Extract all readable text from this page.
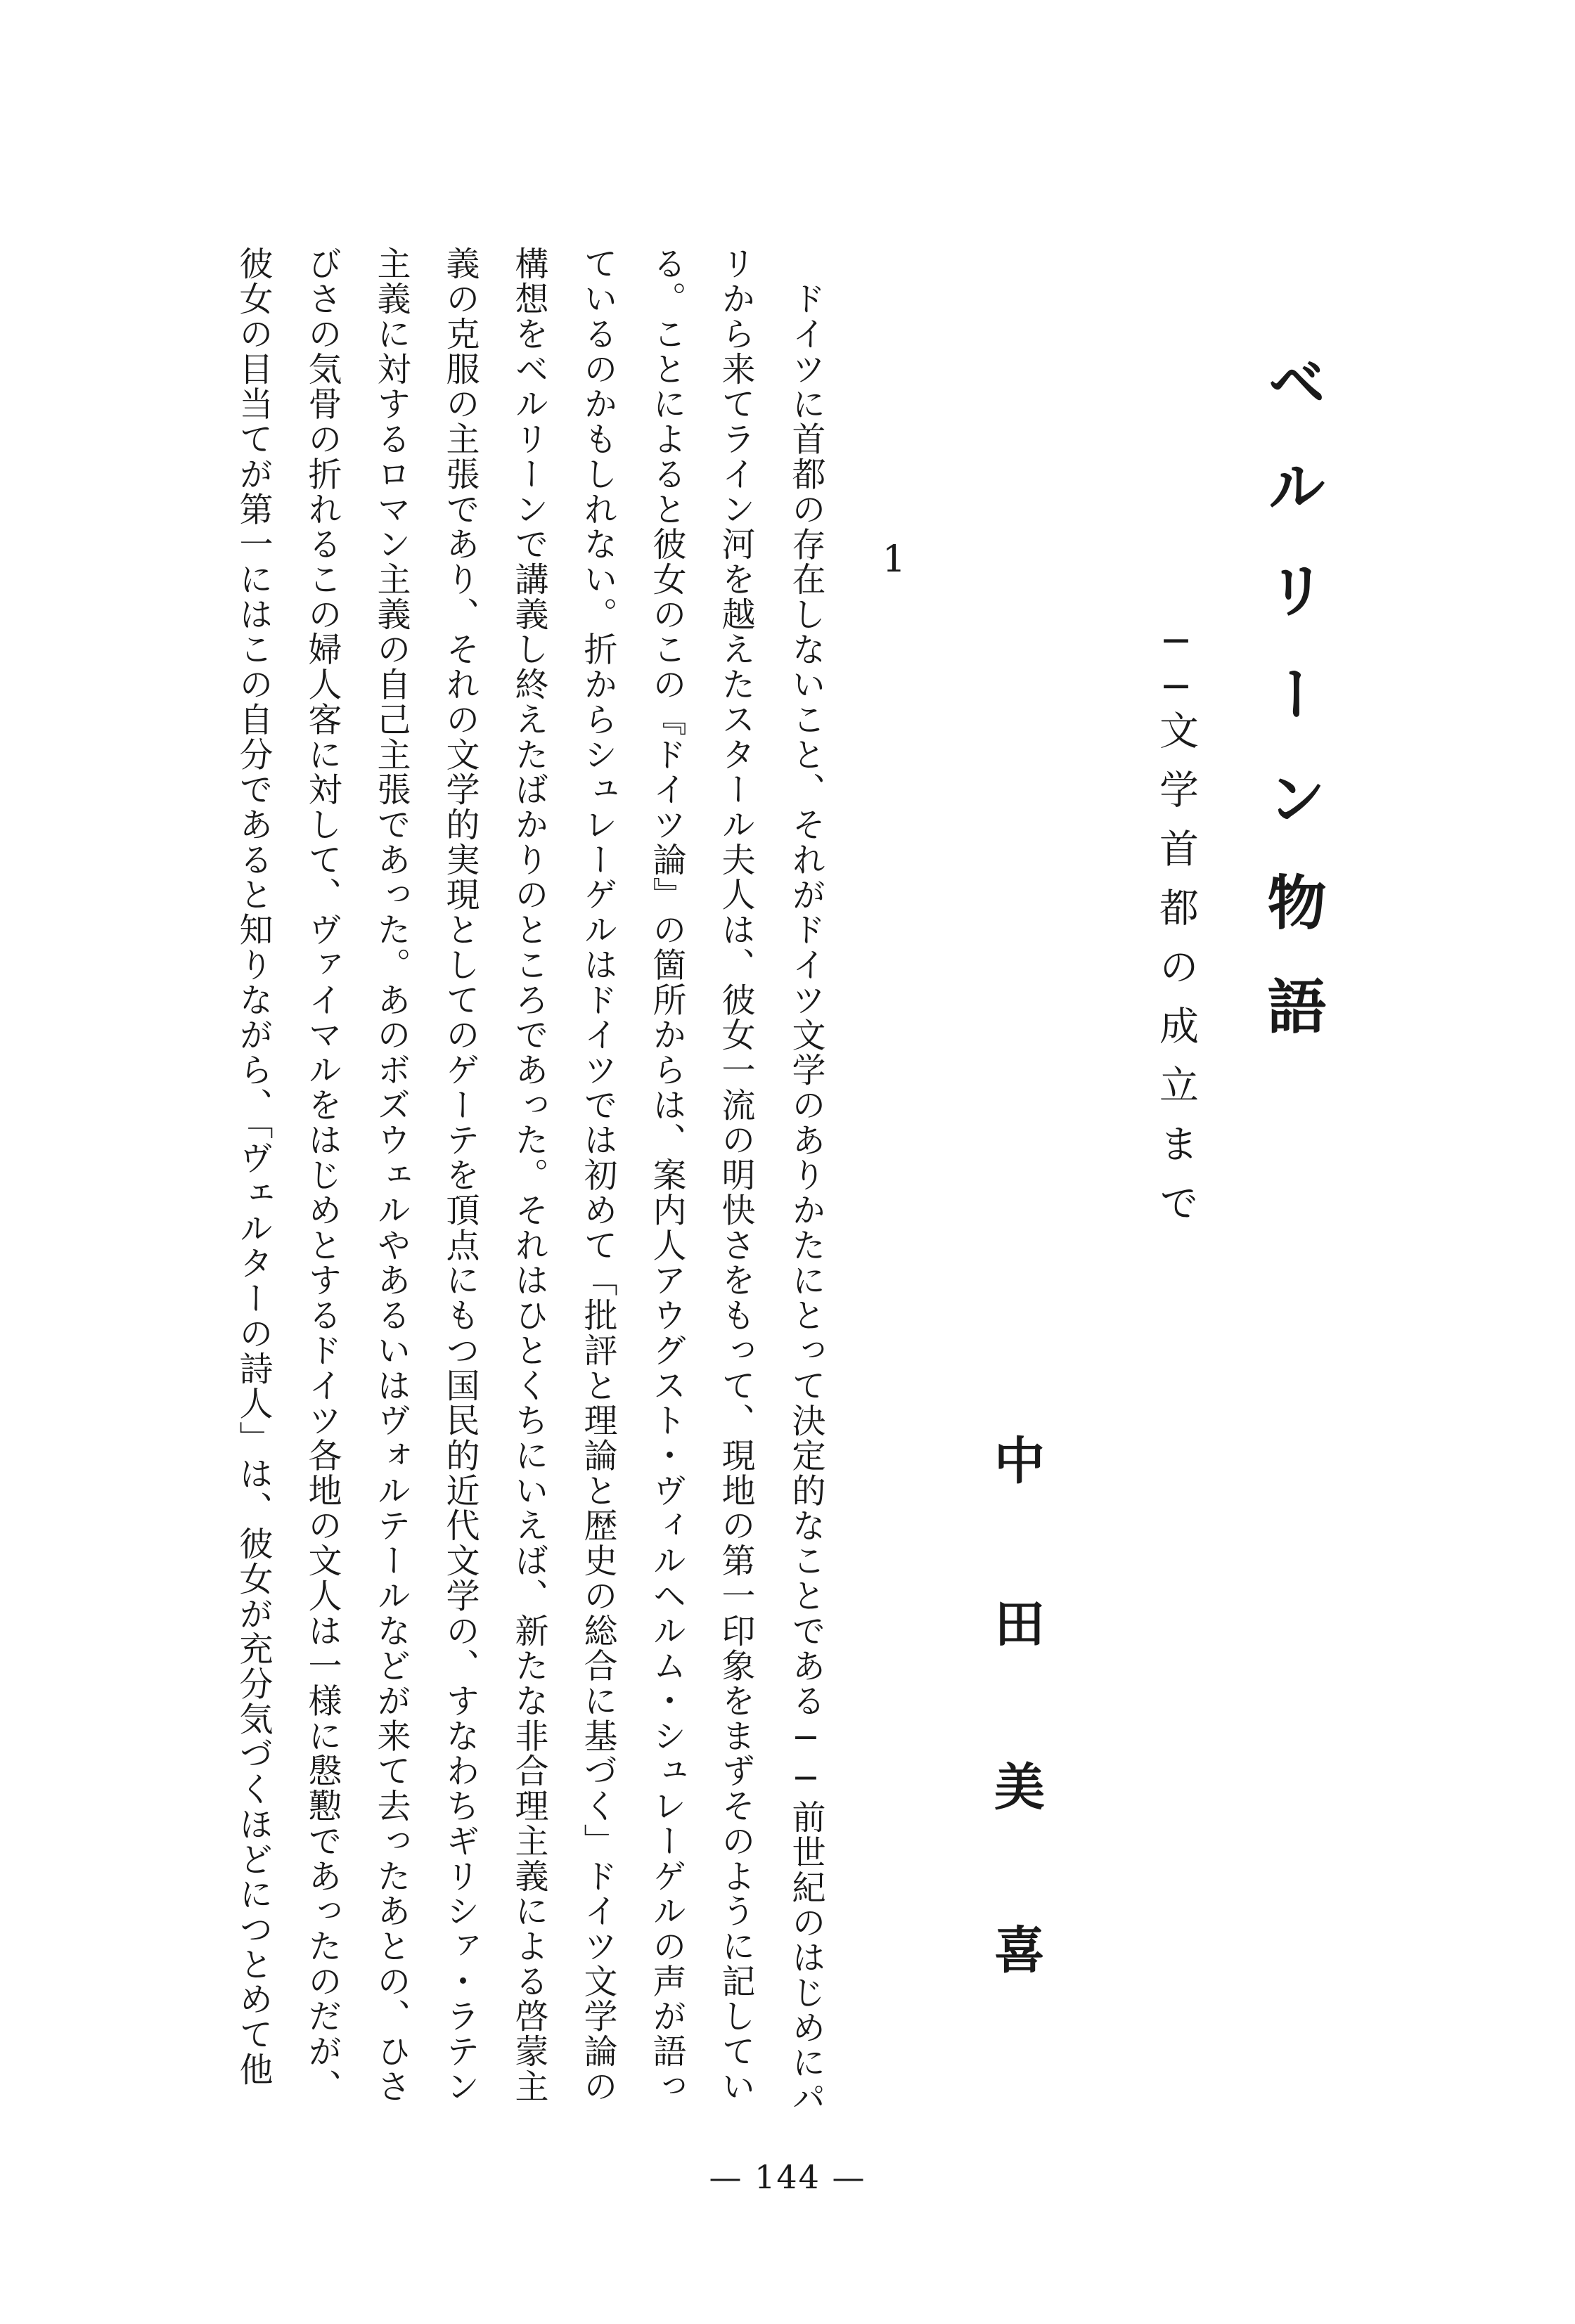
ベルリーン物語
──文学首都の成立まで
中田美喜
1
ドイツに首都の存在しないこと、それがドイツ文学のありかたにとって決定的なことである──前世紀のはじめにパ
リから来てライン河を越えたスタール夫人は、彼女一流の明快さをもって、現地の第一印象をまずそのように記してい
る。ことによると彼女のこの『ドイツ論』の箇所からは、案内人アウグスト・ヴィルヘルム・シュレーゲルの声が語っ
ているのかもしれない。折からシュレーゲルはドイツでは初めて「批評と理論と歴史の総合に基づく」ドイツ文学論の
構想をベルリーンで講義し終えたばかりのところであった。それはひとくちにいえば、新たな非合理主義による啓蒙主
義の克服の主張であり、それの文学的実現としてのゲーテを頂点にもつ国民的近代文学の、すなわちギリシァ・ラテン
主義に対するロマン主義の自己主張であった。あのボズウェルやあるいはヴォルテールなどが来て去ったあとの、ひさ
びさの気骨の折れるこの婦人客に対して、ヴァイマルをはじめとするドイツ各地の文人は一様に慇懃であったのだが、
彼女の目当てが第一にはこの自分であると知りながら、「ヴェルターの詩人」は、彼女が充分気づくほどにつとめて他
— 144 —
